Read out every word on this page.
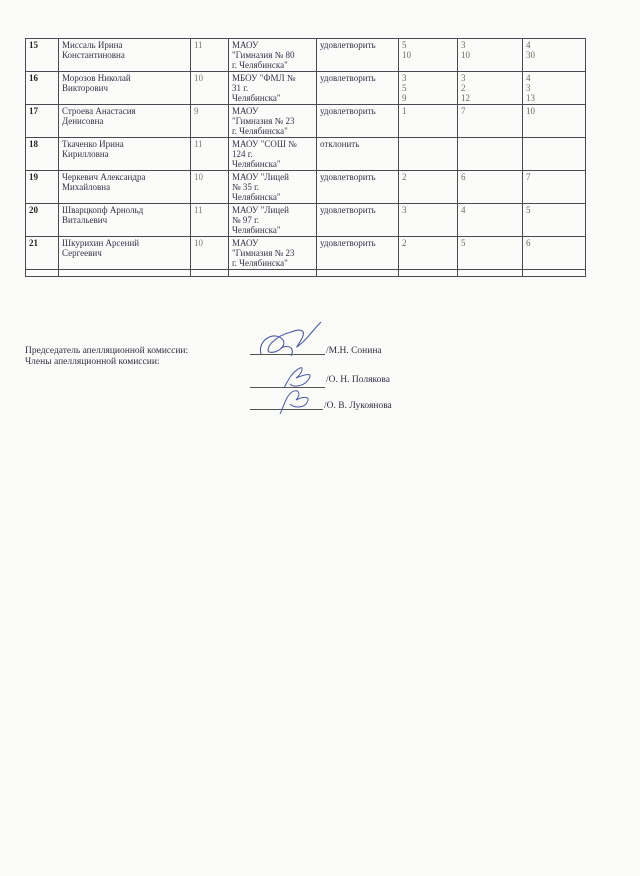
15	Миссаль Ирина
Константиновна	11	МАОУ
"Гимназия № 80
г. Челябинска"	удовлетворить	5
10	3
10	4
30

16	Морозов Николай
Викторович	10	МБОУ "ФМЛ №
31 г.
Челябинска"	удовлетворить	3
5
9	3
2
12	4
3
13

17	Строева Анастасия
Денисовна	9	МАОУ
"Гимназия № 23
г. Челябинска"	удовлетворить	1	7	10

18	Ткаченко Ирина
Кирилловна	11	МАОУ "СОШ №
124 г.
Челябинска"	отклонить			
19	Черкевич Александра
Михайловна	10	МАОУ "Лицей
№ 35 г.
Челябинска"	удовлетворить	2	6	7

20	Шварцкопф Арнольд
Витальевич	11	МАОУ "Лицей
№ 97 г.
Челябинска"	удовлетворить	3	4	5

21	Шкурихин Арсений
Сергеевич	10	МАОУ
"Гимназия № 23
г. Челябинска"	удовлетворить	2	5	6

Председатель апелляционной комиссии:
Члены апелляционной комиссии:
/М.Н. Сонина
/О. Н. Полякова
/О. В. Лукоянова
